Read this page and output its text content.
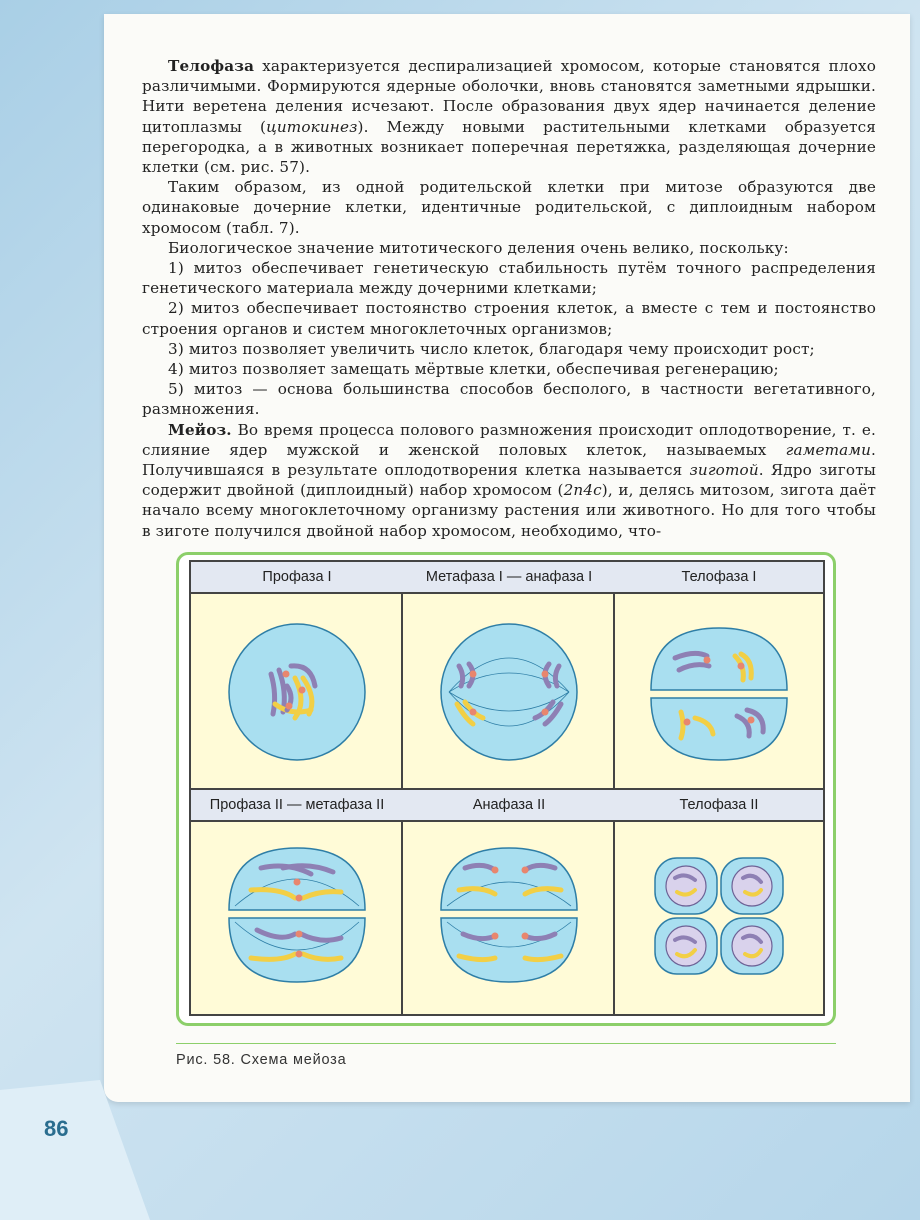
Телофаза характеризуется деспирализацией хромосом, которые становятся плохо различимыми. Формируются ядерные оболочки, вновь становятся заметными ядрышки. Нити веретена деления исчезают. После образования двух ядер начинается деление цитоплазмы (цитокинез). Между новыми растительными клетками образуется перегородка, а в животных возникает поперечная перетяжка, разделяющая дочерние клетки (см. рис. 57).

Таким образом, из одной родительской клетки при митозе образуются две одинаковые дочерние клетки, идентичные родительской, с диплоидным набором хромосом (табл. 7).

Биологическое значение митотического деления очень велико, поскольку:

1) митоз обеспечивает генетическую стабильность путём точного распределения генетического материала между дочерними клетками;

2) митоз обеспечивает постоянство строения клеток, а вместе с тем и постоянство строения органов и систем многоклеточных организмов;

3) митоз позволяет увеличить число клеток, благодаря чему происходит рост;

4) митоз позволяет замещать мёртвые клетки, обеспечивая регенерацию;

5) митоз — основа большинства способов бесполого, в частности вегетативного, размножения.

Мейоз. Во время процесса полового размножения происходит оплодотворение, т. е. слияние ядер мужской и женской половых клеток, называемых гаметами. Получившаяся в результате оплодотворения клетка называется зиготой. Ядро зиготы содержит двойной (диплоидный) набор хромосом (2n4c), и, делясь митозом, зигота даёт начало всему многоклеточному организму растения или животного. Но для того чтобы в зиготе получился двойной набор хромосом, необходимо, что-

Профаза I	Метафаза I — анафаза I	Телофаза I
Профаза II — метафаза II	Анафаза II	Телофаза II
Рис. 58. Схема мейоза
86
